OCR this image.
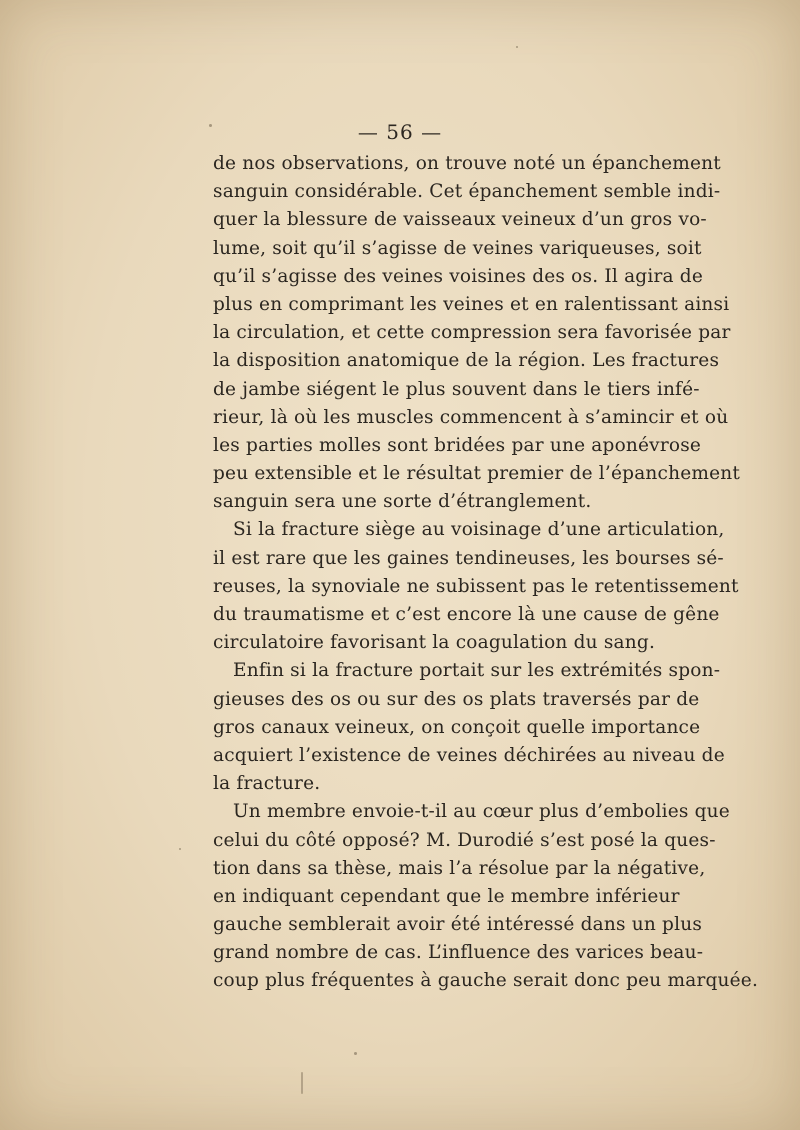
— 56 —
de nos observations, on trouve noté un épanchement
sanguin considérable. Cet épanchement semble indi-
quer la blessure de vaisseaux veineux d’un gros vo-
lume, soit qu’il s’agisse de veines variqueuses, soit
qu’il s’agisse des veines voisines des os. Il agira de
plus en comprimant les veines et en ralentissant ainsi
la circulation, et cette compression sera favorisée par
la disposition anatomique de la région. Les fractures
de jambe siégent le plus souvent dans le tiers infé-
rieur, là où les muscles commencent à s’amincir et où
les parties molles sont bridées par une aponévrose
peu extensible et le résultat premier de l’épanchement
sanguin sera une sorte d’étranglement.
Si la fracture siège au voisinage d’une articulation,
il est rare que les gaines tendineuses, les bourses sé-
reuses, la synoviale ne subissent pas le retentissement
du traumatisme et c’est encore là une cause de gêne
circulatoire favorisant la coagulation du sang.
Enfin si la fracture portait sur les extrémités spon-
gieuses des os ou sur des os plats traversés par de
gros canaux veineux, on conçoit quelle importance
acquiert l’existence de veines déchirées au niveau de
la fracture.
Un membre envoie-t-il au cœur plus d’embolies que
celui du côté opposé? M. Durodié s’est posé la ques-
tion dans sa thèse, mais l’a résolue par la négative,
en indiquant cependant que le membre inférieur
gauche semblerait avoir été intéressé dans un plus
grand nombre de cas. L’influence des varices beau-
coup plus fréquentes à gauche serait donc peu marquée.
